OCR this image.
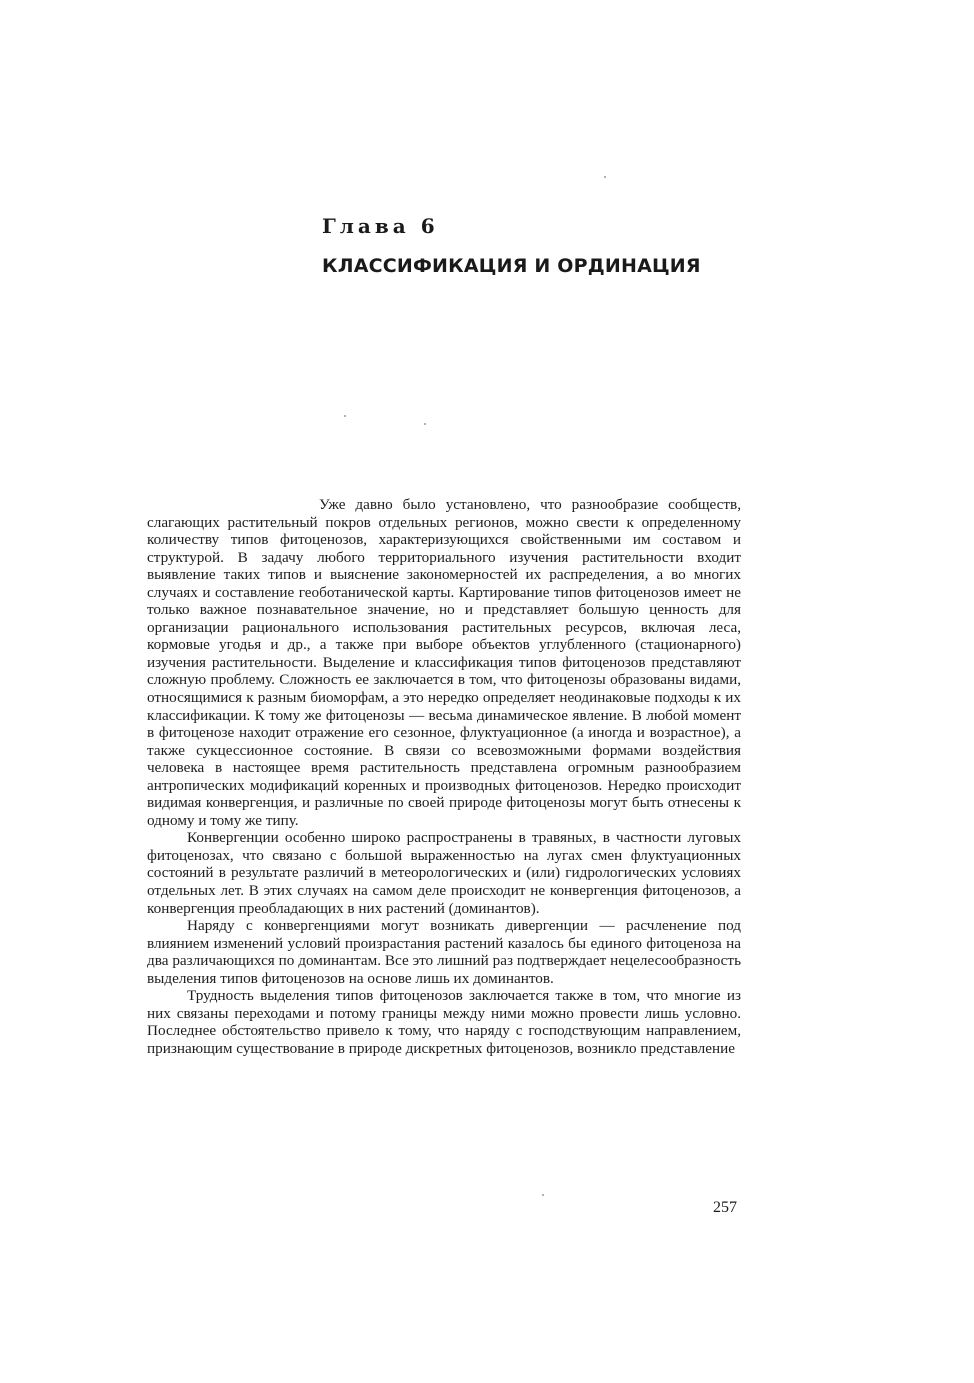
Глава 6
КЛАССИФИКАЦИЯ И ОРДИНАЦИЯ

Уже давно было установлено, что разнообразие сообществ, слагающих растительный покров отдельных регионов, можно свести к определенному количеству типов фитоценозов, характеризующихся свойственными им составом и структурой. В задачу любого территориального изучения растительности входит выявление таких типов и выяснение закономерностей их распределения, а во многих случаях и составление геоботанической карты. Картирование типов фитоценозов имеет не только важное познавательное значение, но и представляет большую ценность для организации рационального использования растительных ресурсов, включая леса, кормовые угодья и др., а также при выборе объектов углубленного (стационарного) изучения растительности. Выделение и классификация типов фитоценозов представляют сложную проблему. Сложность ее заключается в том, что фитоценозы образованы видами, относящимися к разным биоморфам, а это нередко определяет неодинаковые подходы к их классификации. К тому же фитоценозы — весьма динамическое явление. В любой момент в фитоценозе находит отражение его сезонное, флуктуационное (а иногда и возрастное), а также сукцессионное состояние. В связи со всевозможными формами воздействия человека в настоящее время растительность представлена огромным разнообразием антропических модификаций коренных и производных фитоценозов. Нередко происходит видимая конвергенция, и различные по своей природе фитоценозы могут быть отнесены к одному и тому же типу.

Конвергенции особенно широко распространены в травяных, в частности луговых фитоценозах, что связано с большой выраженностью на лугах смен флуктуационных состояний в результате различий в метеорологических и (или) гидрологических условиях отдельных лет. В этих случаях на самом деле происходит не конвергенция фитоценозов, а конвергенция преобладающих в них растений (доминантов).

Наряду с конвергенциями могут возникать дивергенции — расчленение под влиянием изменений условий произрастания растений казалось бы единого фитоценоза на два различающихся по доминантам. Все это лишний раз подтверждает нецелесообразность выделения типов фитоценозов на основе лишь их доминантов.

Трудность выделения типов фитоценозов заключается также в том, что многие из них связаны переходами и потому границы между ними можно провести лишь условно. Последнее обстоятельство привело к тому, что наряду с господствующим направлением, признающим существование в природе дискретных фитоценозов, возникло представление

257
